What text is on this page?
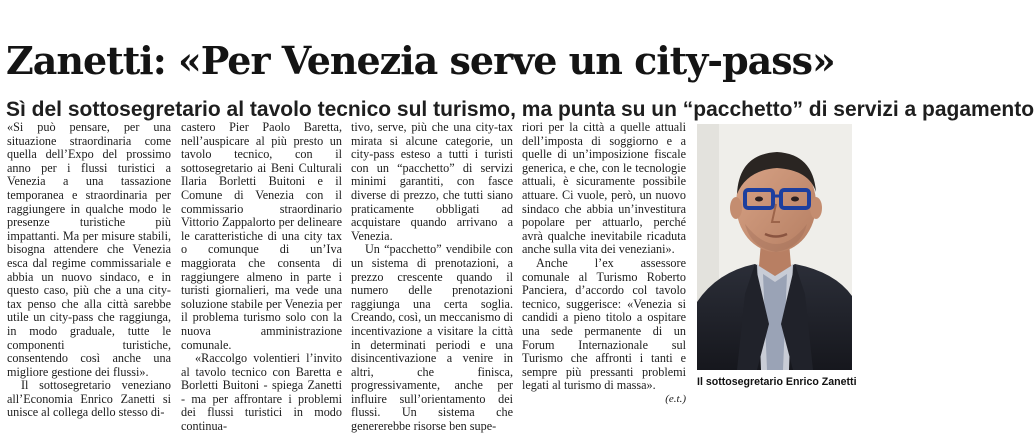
Zanetti: «Per Venezia serve un city-pass»
Sì del sottosegretario al tavolo tecnico sul turismo, ma punta su un “pacchetto” di servizi a pagamento

«Si può pensare, per una situazione straordinaria come quella dell’Expo del prossimo anno per i flussi turistici a Venezia a una tassazione temporanea e straordinaria per raggiungere in qualche modo le presenze turistiche più impattanti. Ma per misure stabili, bisogna attendere che Venezia esca dal regime commissariale e abbia un nuovo sindaco, e in questo caso, più che a una city-tax penso che alla città sarebbe utile un city-pass che raggiunga, in modo graduale, tutte le componenti turistiche, consentendo così anche una migliore gestione dei flussi».

Il sottosegretario veneziano all’Economia Enrico Zanetti si unisce al collega dello stesso di-

castero Pier Paolo Baretta, nell’auspicare al più presto un tavolo tecnico, con il sottosegretario ai Beni Culturali Ilaria Borletti Buitoni e il Comune di Venezia con il commissario straordinario Vittorio Zappalorto per delineare le caratteristiche di una city tax o comunque di un’Iva maggiorata che consenta di raggiungere almeno in parte i turisti giornalieri, ma vede una soluzione stabile per Venezia per il problema turismo solo con la nuova amministrazione comunale.

«Raccolgo volentieri l’invito al tavolo tecnico con Baretta e Borletti Buitoni - spiega Zanetti - ma per affrontare i problemi dei flussi turistici in modo continua-

tivo, serve, più che una city-tax mirata si alcune categorie, un city-pass esteso a tutti i turisti con un “pacchetto” di servizi minimi garantiti, con fasce diverse di prezzo, che tutti siano praticamente obbligati ad acquistare quando arrivano a Venezia.

Un “pacchetto” vendibile con un sistema di prenotazioni, a prezzo crescente quando il numero delle prenotazioni raggiunga una certa soglia. Creando, così, un meccanismo di incentivazione a visitare la città in determinati periodi e una disincentivazione a venire in altri, che finisca, progressivamente, anche per influire sull’orientamento dei flussi. Un sistema che genererebbe risorse ben supe-

riori per la città a quelle attuali dell’imposta di soggiorno e a quelle di un’imposizione fiscale generica, e che, con le tecnologie attuali, è sicuramente possibile attuare. Ci vuole, però, un nuovo sindaco che abbia un’investitura popolare per attuarlo, perché avrà qualche inevitabile ricaduta anche sulla vita dei veneziani».

Anche l’ex assessore comunale al Turismo Roberto Panciera, d’accordo col tavolo tecnico, suggerisce: «Venezia si candidi a pieno titolo a ospitare una sede permanente di un Forum Internazionale sul Turismo che affronti i tanti e sempre più pressanti problemi legati al turismo di massa».

(e.t.)

Il sottosegretario Enrico Zanetti
